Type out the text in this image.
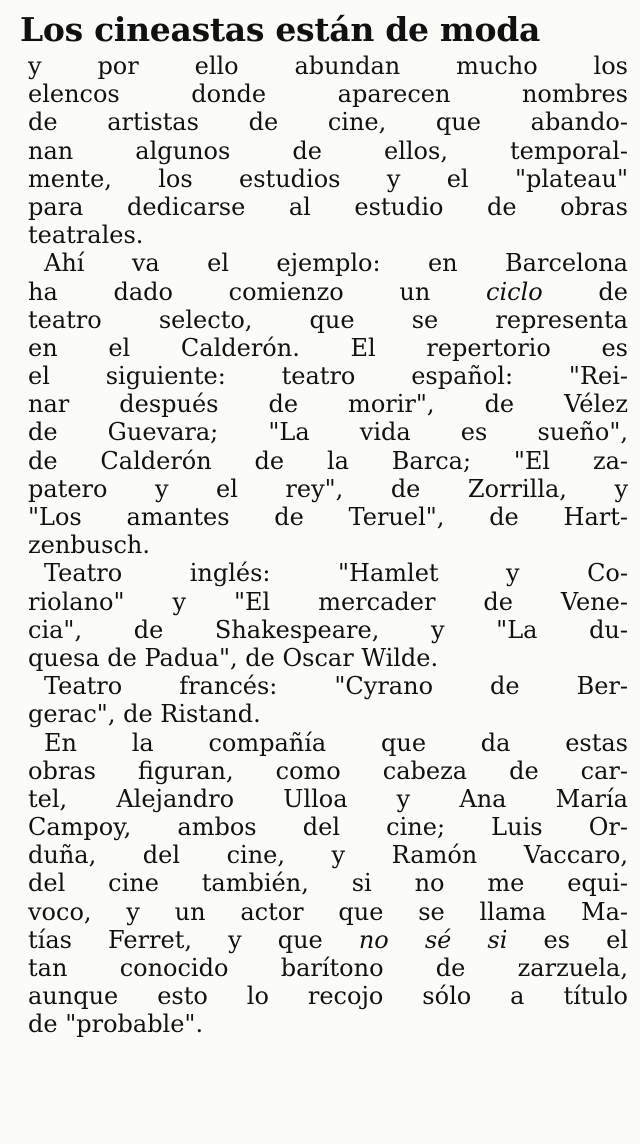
Los cineastas están de moda
y por ello abundan mucho los
elencos donde aparecen nombres
de artistas de cine, que abando-
nan algunos de ellos, temporal-
mente, los estudios y el "plateau"
para dedicarse al estudio de obras
teatrales.
Ahí va el ejemplo: en Barcelona
ha dado comienzo un ciclo de
teatro selecto, que se representa
en el Calderón. El repertorio es
el siguiente: teatro español: "Rei-
nar después de morir", de Vélez
de Guevara; "La vida es sueño",
de Calderón de la Barca; "El za-
patero y el rey", de Zorrilla, y
"Los amantes de Teruel", de Hart-
zenbusch.
Teatro inglés: "Hamlet y Co-
riolano" y "El mercader de Vene-
cia", de Shakespeare, y "La du-
quesa de Padua", de Oscar Wilde.
Teatro francés: "Cyrano de Ber-
gerac", de Ristand.
En la compañía que da estas
obras figuran, como cabeza de car-
tel, Alejandro Ulloa y Ana María
Campoy, ambos del cine; Luis Or-
duña, del cine, y Ramón Vaccaro,
del cine también, si no me equi-
voco, y un actor que se llama Ma-
tías Ferret, y que no sé si es el
tan conocido barítono de zarzuela,
aunque esto lo recojo sólo a título
de "probable".
